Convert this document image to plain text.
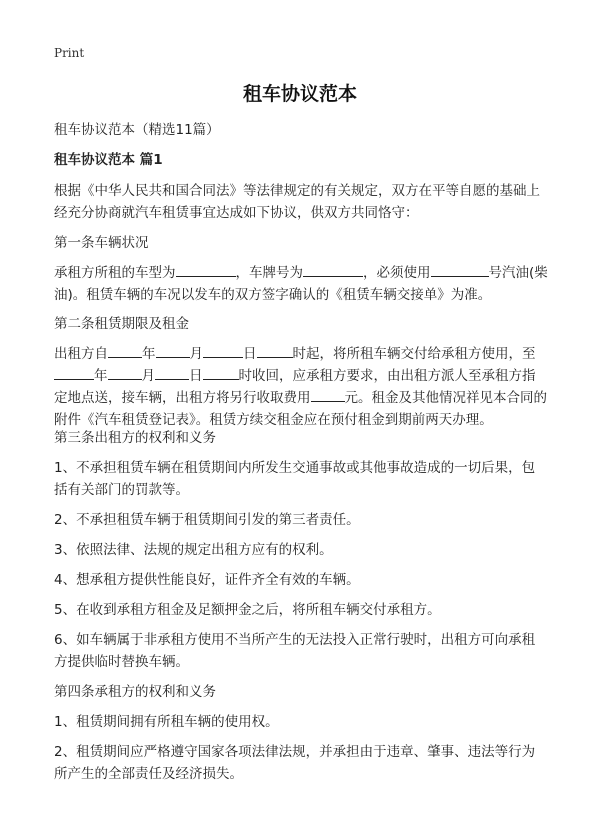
Print
租车协议范本

租车协议范本（精选11篇）

租车协议范本 篇1

根据《中华人民共和国合同法》等法律规定的有关规定，双方在平等自愿的基础上经充分协商就汽车租赁事宜达成如下协议，供双方共同恪守：

第一条车辆状况

承租方所租的车型为	，车牌号为	，必须使用	号汽油(柴油)。租赁车辆的车况以发车的双方签字确认的《租赁车辆交接单》为准。

第二条租赁期限及租金

出租方自	年	月	日	时起，将所租车辆交付给承租方使用，至年	月	日	时收回，应承租方要求，由出租方派人至承租方指定地点送，接车辆，出租方将另行收取费用	元。租金及其他情况祥见本合同的附件《汽车租赁登记表》。租赁方续交租金应在预付租金到期前两天办理。

第三条出租方的权利和义务

1、不承担租赁车辆在租赁期间内所发生交通事故或其他事故造成的一切后果，包括有关部门的罚款等。

2、不承担租赁车辆于租赁期间引发的第三者责任。

3、依照法律、法规的规定出租方应有的权利。

4、想承租方提供性能良好，证件齐全有效的车辆。

5、在收到承租方租金及足额押金之后，将所租车辆交付承租方。

6、如车辆属于非承租方使用不当所产生的无法投入正常行驶时，出租方可向承租方提供临时替换车辆。

第四条承租方的权利和义务

1、租赁期间拥有所租车辆的使用权。

2、租赁期间应严格遵守国家各项法律法规，并承担由于违章、肇事、违法等行为所产生的全部责任及经济损失。
